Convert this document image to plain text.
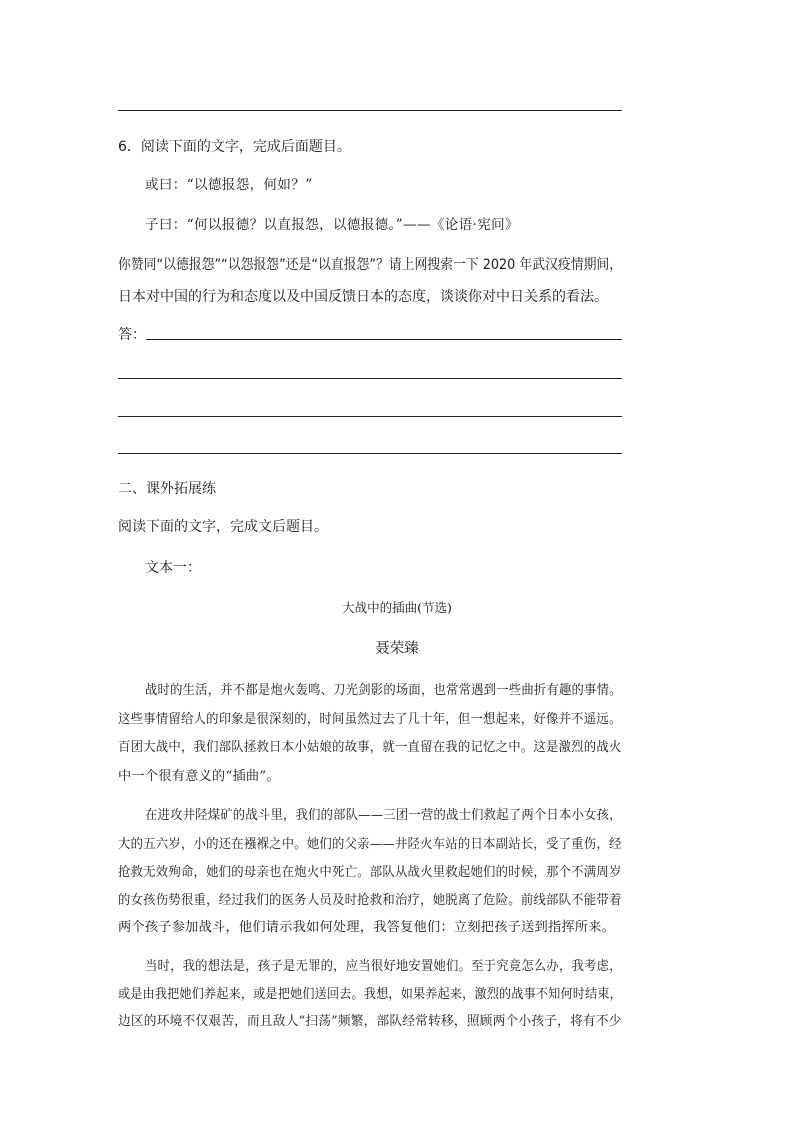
6．阅读下面的文字，完成后面题目。
或曰：“以德报怨，何如？”
子曰：“何以报德？以直报怨，以德报德。”——《论语·宪问》
你赞同“以德报怨”“以怨报怨”还是“以直报怨”？请上网搜索一下 2020 年武汉疫情期间，
日本对中国的行为和态度以及中国反馈日本的态度，谈谈你对中日关系的看法。
答：
二、课外拓展练
阅读下面的文字，完成文后题目。
文本一：
大战中的插曲(节选)
聂荣臻
战时的生活，并不都是炮火轰鸣、刀光剑影的场面，也常常遇到一些曲折有趣的事情。
这些事情留给人的印象是很深刻的，时间虽然过去了几十年，但一想起来，好像并不遥远。
百团大战中，我们部队拯救日本小姑娘的故事，就一直留在我的记忆之中。这是激烈的战火
中一个很有意义的“插曲”。
在进攻井陉煤矿的战斗里，我们的部队——三团一营的战士们救起了两个日本小女孩，
大的五六岁，小的还在襁褓之中。她们的父亲——井陉火车站的日本副站长，受了重伤，经
抢救无效殉命，她们的母亲也在炮火中死亡。部队从战火里救起她们的时候，那个不满周岁
的女孩伤势很重，经过我们的医务人员及时抢救和治疗，她脱离了危险。前线部队不能带着
两个孩子参加战斗，他们请示我如何处理，我答复他们：立刻把孩子送到指挥所来。
当时，我的想法是，孩子是无罪的，应当很好地安置她们。至于究竟怎么办，我考虑，
或是由我把她们养起来，或是把她们送回去。我想，如果养起来，激烈的战事不知何时结束，
边区的环境不仅艰苦，而且敌人“扫荡”频繁，部队经常转移，照顾两个小孩子，将有不少
